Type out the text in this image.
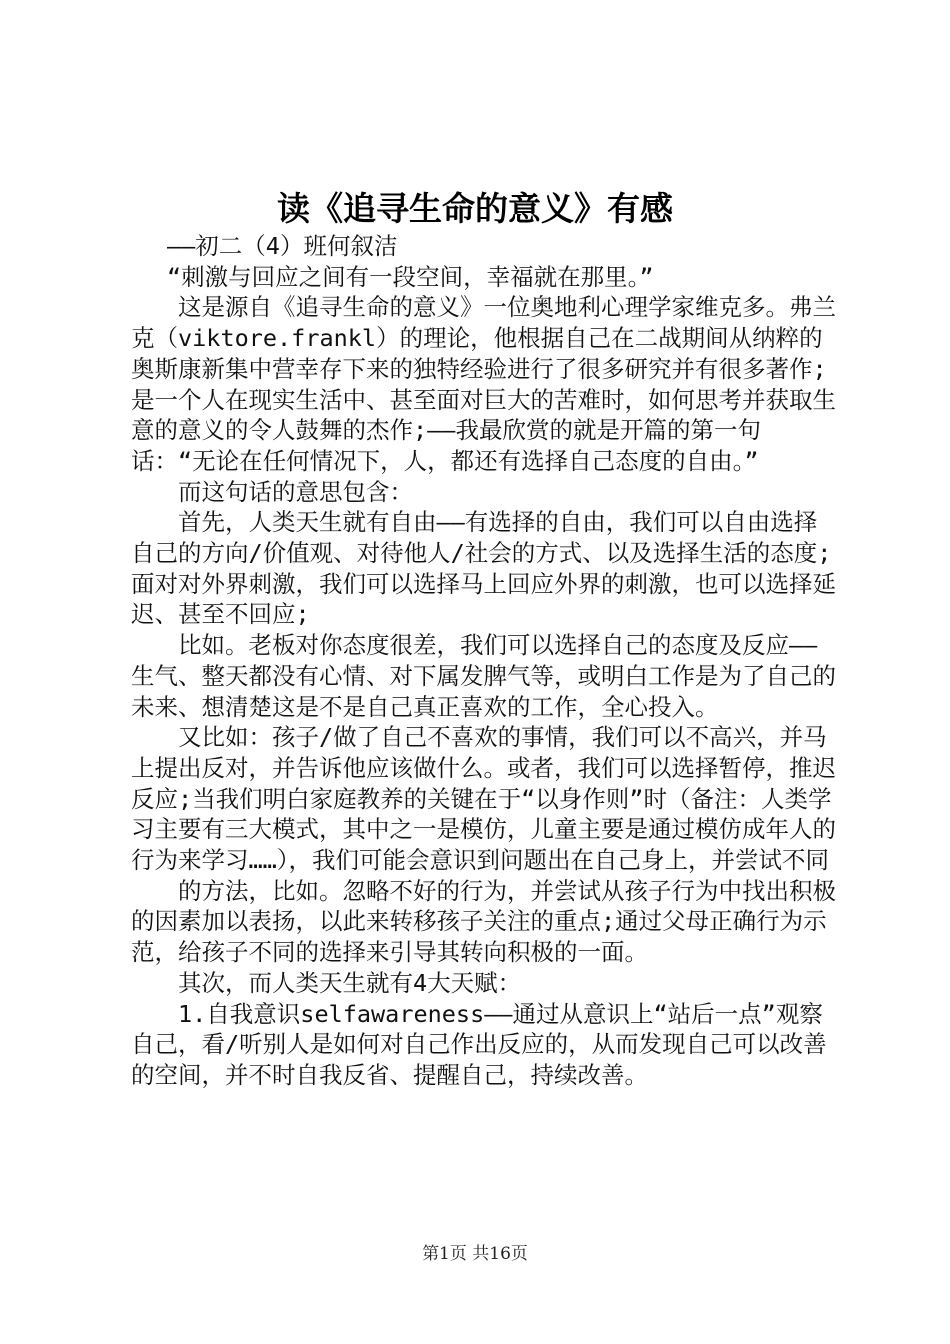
读《追寻生命的意义》有感

——初二（4）班何叙洁

“刺激与回应之间有一段空间，幸福就在那里。”

这是源自《追寻生命的意义》一位奥地利心理学家维克多。弗兰克（viktore.frankl）的理论，他根据自己在二战期间从纳粹的奥斯康新集中营幸存下来的独特经验进行了很多研究并有很多著作;是一个人在现实生活中、甚至面对巨大的苦难时，如何思考并获取生意的意义的令人鼓舞的杰作;——我最欣赏的就是开篇的第一句话：“无论在任何情况下，人，都还有选择自己态度的自由。”

而这句话的意思包含：

首先，人类天生就有自由——有选择的自由，我们可以自由选择自己的方向/价值观、对待他人/社会的方式、以及选择生活的态度;面对对外界刺激，我们可以选择马上回应外界的刺激，也可以选择延迟、甚至不回应;

比如。老板对你态度很差，我们可以选择自己的态度及反应——生气、整天都没有心情、对下属发脾气等，或明白工作是为了自己的未来、想清楚这是不是自己真正喜欢的工作，全心投入。

又比如：孩子/做了自己不喜欢的事情，我们可以不高兴，并马上提出反对，并告诉他应该做什么。或者，我们可以选择暂停，推迟反应;当我们明白家庭教养的关键在于“以身作则”时（备注：人类学习主要有三大模式，其中之一是模仿，儿童主要是通过模仿成年人的行为来学习……），我们可能会意识到问题出在自己身上，并尝试不同

的方法，比如。忽略不好的行为，并尝试从孩子行为中找出积极的因素加以表扬，以此来转移孩子关注的重点;通过父母正确行为示范，给孩子不同的选择来引导其转向积极的一面。

其次，而人类天生就有4大天赋：

1.自我意识selfawareness——通过从意识上“站后一点”观察自己，看/听别人是如何对自己作出反应的，从而发现自己可以改善的空间，并不时自我反省、提醒自己，持续改善。

第1页 共16页
